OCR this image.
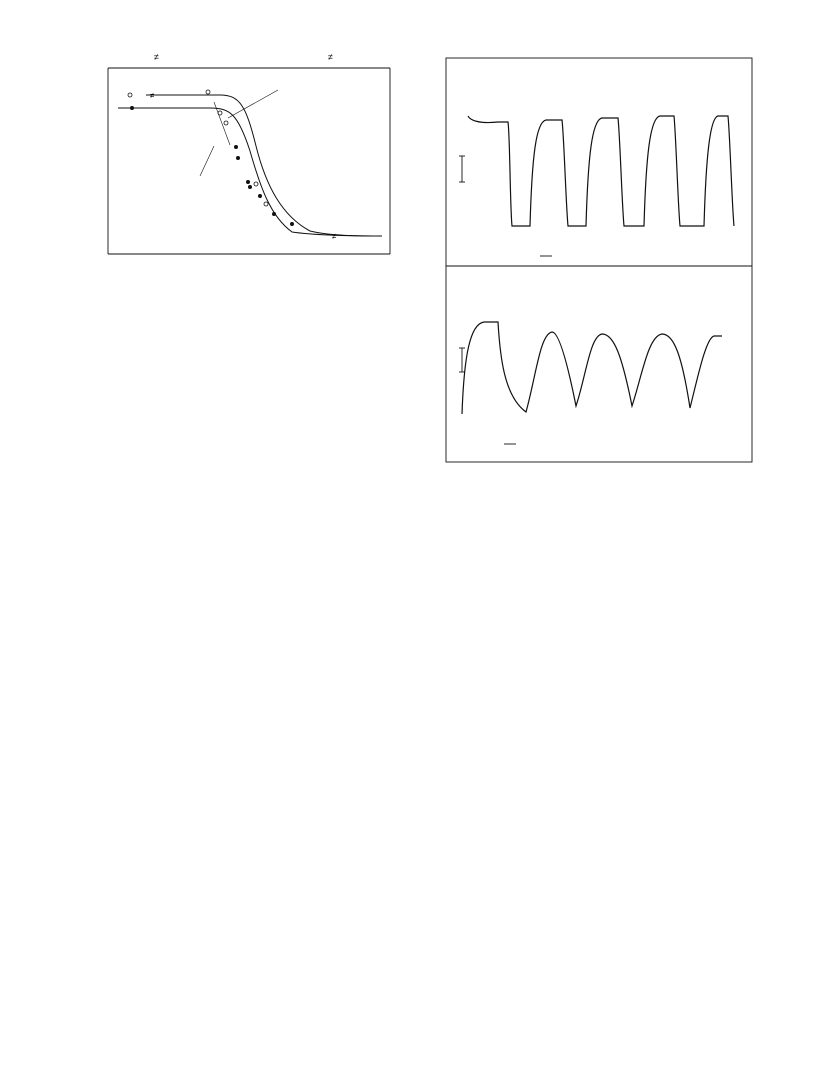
≠	≠
≠
≠
